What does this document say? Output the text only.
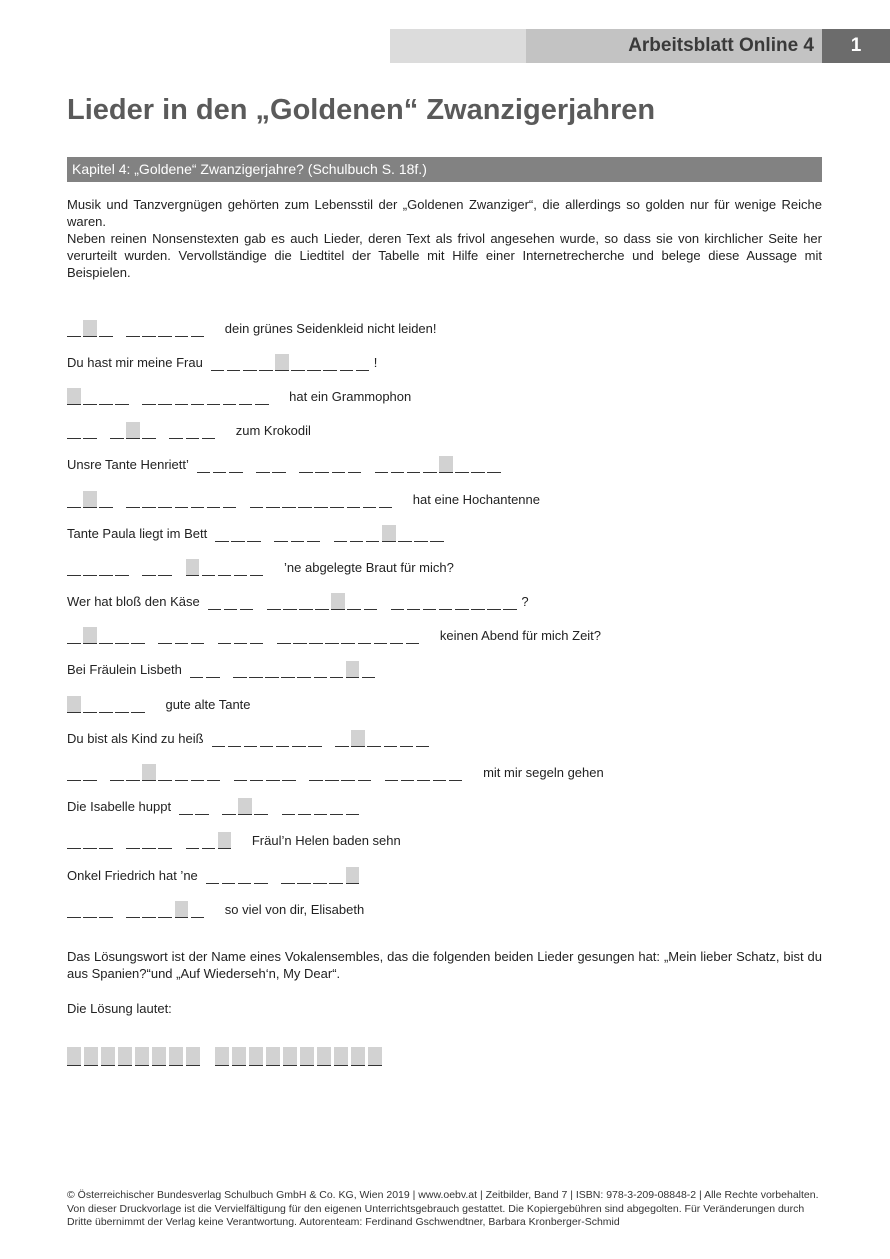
Arbeitsblatt Online 4	1
Lieder in den „Goldenen“ Zwanzigerjahren
Kapitel 4: „Goldene“ Zwanzigerjahre? (Schulbuch S. 18f.)

Musik und Tanzvergnügen gehörten zum Lebensstil der „Goldenen Zwanziger“, die allerdings so golden nur für wenige Reiche waren.

Neben reinen Nonsenstexten gab es auch Lieder, deren Text als frivol angesehen wurde, so dass sie von kirchlicher Seite her verurteilt wurden. Vervollständige die Liedtitel der Tabelle mit Hilfe einer Internetrecherche und belege diese Aussage mit Beispielen.

dein grünes Seidenkleid nicht leiden!
Du hast mir meine Frau	!
hat ein Grammophon
zum Krokodil
Unsre Tante Henriett’
hat eine Hochantenne
Tante Paula liegt im Bett
’ne abgelegte Braut für mich?
Wer hat bloß den Käse	?
keinen Abend für mich Zeit?
Bei Fräulein Lisbeth
gute alte Tante
Du bist als Kind zu heiß
mit mir segeln gehen
Die Isabelle huppt
Fräul’n Helen baden sehn
Onkel Friedrich hat ’ne
so viel von dir, Elisabeth
Das Lösungswort ist der Name eines Vokalensembles, das die folgenden beiden Lieder gesungen hat: „Mein lieber Schatz, bist du aus Spanien?“und „Auf Wiederseh‘n, My Dear“.
Die Lösung lautet:
© Österreichischer Bundesverlag Schulbuch GmbH & Co. KG, Wien 2019 | www.oebv.at | Zeitbilder, Band 7 | ISBN: 978-3-209-08848-2 | Alle Rechte vorbehalten. Von dieser Druckvorlage ist die Vervielfältigung für den eigenen Unterrichtsgebrauch gestattet. Die Kopiergebühren sind abgegolten. Für Veränderungen durch Dritte übernimmt der Verlag keine Verantwortung. Autorenteam: Ferdinand Gschwendtner, Barbara Kronberger-Schmid
